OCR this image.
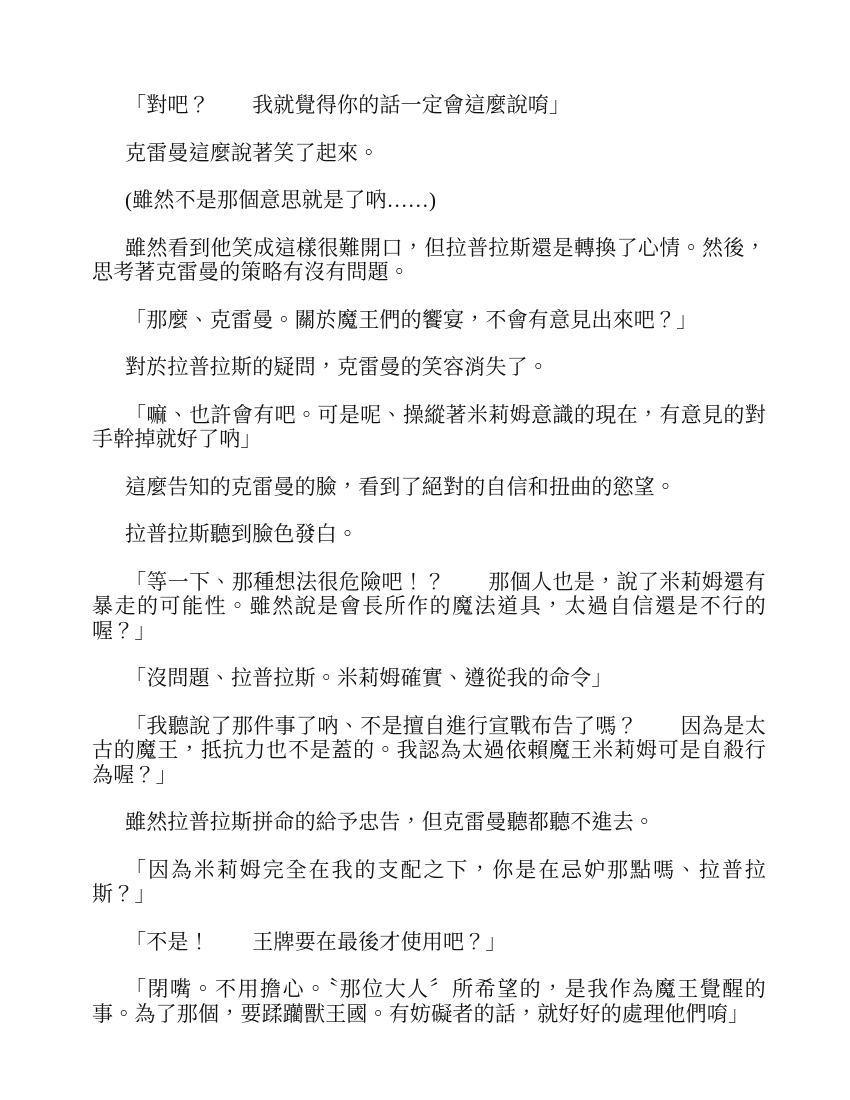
「對吧？　　我就覺得你的話一定會這麼說唷」

克雷曼這麼說著笑了起來。

(雖然不是那個意思就是了吶……)

雖然看到他笑成這樣很難開口，但拉普拉斯還是轉換了心情。然後，思考著克雷曼的策略有沒有問題。

「那麼、克雷曼。關於魔王們的饗宴，不會有意見出來吧？」

對於拉普拉斯的疑問，克雷曼的笑容消失了。

「嘛、也許會有吧。可是呢、操縱著米莉姆意識的現在，有意見的對手幹掉就好了吶」

這麼告知的克雷曼的臉，看到了絕對的自信和扭曲的慾望。

拉普拉斯聽到臉色發白。

「等一下、那種想法很危險吧！？　　那個人也是，說了米莉姆還有暴走的可能性。雖然說是會長所作的魔法道具，太過自信還是不行的喔？」

「沒問題、拉普拉斯。米莉姆確實、遵從我的命令」

「我聽說了那件事了吶、不是擅自進行宣戰布告了嗎？　　因為是太古的魔王，抵抗力也不是蓋的。我認為太過依賴魔王米莉姆可是自殺行為喔？」

雖然拉普拉斯拼命的給予忠告，但克雷曼聽都聽不進去。

「因為米莉姆完全在我的支配之下，你是在忌妒那點嗎、拉普拉斯？」

「不是！　　王牌要在最後才使用吧？」

「閉嘴。不用擔心。〝那位大人〞所希望的，是我作為魔王覺醒的事。為了那個，要蹂躪獸王國。有妨礙者的話，就好好的處理他們唷」
